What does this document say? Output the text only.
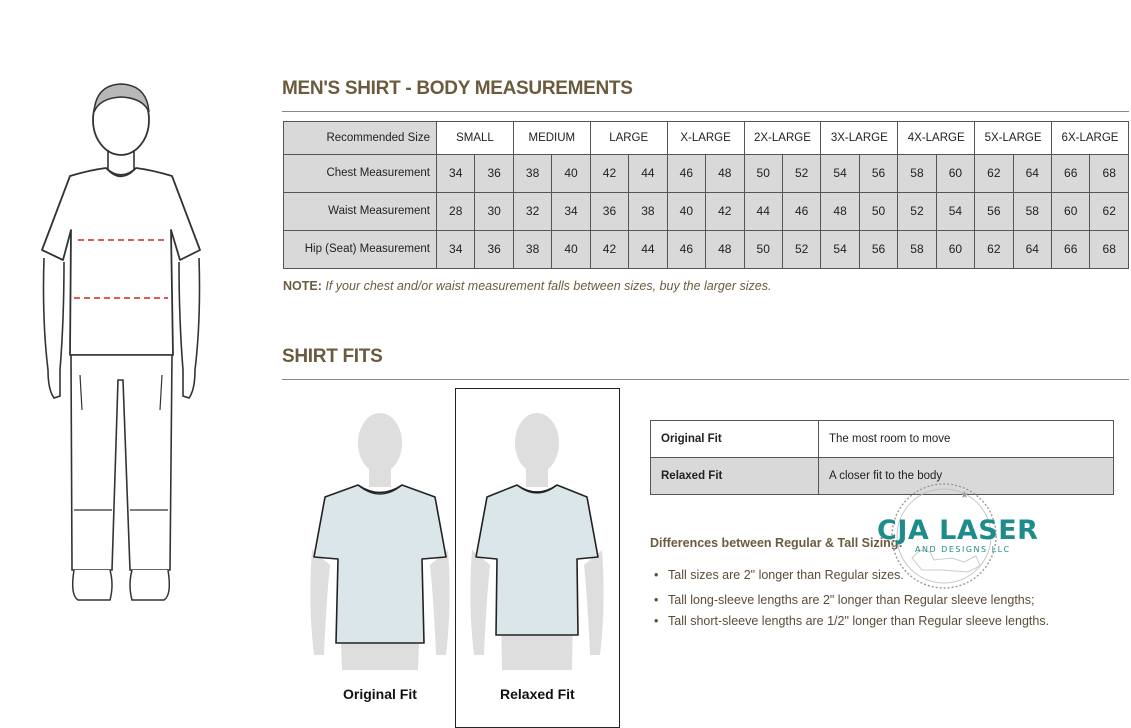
MEN'S SHIRT - BODY MEASUREMENTS
Recommended Size	SMALL		MEDIUM		LARGE		X-LARGE		2X-LARGE		3X-LARGE		4X-LARGE		5X-LARGE		6X-LARGE	
Chest Measurement	34	36	38	40	42	44	46	48	50	52	54	56	58	60	62	64	66	68
Waist Measurement	28	30	32	34	36	38	40	42	44	46	48	50	52	54	56	58	60	62
Hip (Seat) Measurement	34	36	38	40	42	44	46	48	50	52	54	56	58	60	62	64	66	68
NOTE: If your chest and/or waist measurement falls between sizes, buy the larger sizes.
SHIRT FITS
Original Fit	Relaxed Fit
Original Fit	The most room to move
Relaxed Fit	A closer fit to the body
Differences between Regular & Tall Sizing:
• Tall sizes are 2" longer than Regular sizes.
• Tall long-sleeve lengths are 2" longer than Regular sleeve lengths;
• Tall short-sleeve lengths are 1/2" longer than Regular sleeve lengths.
★
CJA LASER
AND DESIGNS LLC
